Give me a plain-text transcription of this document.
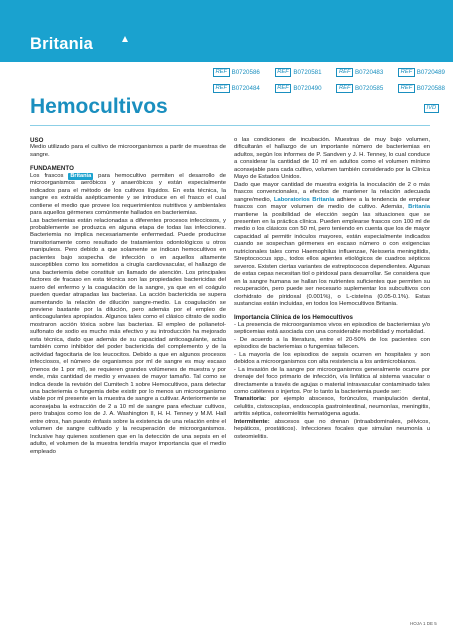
Britania
REF B0720586	REF B0720581	REF B0720483	REF B0720489
REF B0720484	REF B0720490	REF B0720585	REF B0720588
Hemocultivos	IVD

USO

Medio utilizado para el cultivo de microorganismos a partir de muestras de sangre.

FUNDAMENTO

Los frascos Britania para hemocultivo permiten el desarrollo de microorganismos aeróbicos y anaeróbicos y están especialmente indicados para el método de los cultivos líquidos. En esta técnica, la sangre es extraída asépticamente y se introduce en el frasco el cual contiene el medio que provee los requerimientos nutritivos y ambientales para aquellos gérmenes comúnmente hallados en bacteriemias.

Las bacteriemias están relacionadas a diferentes procesos infecciosos, y probablemente se produzca en alguna etapa de todas las infecciones. Bacteriemia no implica necesariamente enfermedad. Puede producirse transitoriamente como resultado de tratamientos odontológicos u otros manipuleos. Pero debido a que solamente se indican hemocultivos en pacientes bajo sospecha de infección o en aquellos altamente susceptibles como los sometidos a cirugía cardiovascular, el hallazgo de una bacteriemia debe constituir un llamado de atención. Los principales factores de fracaso en esta técnica son las propiedades bactericidas del suero del enfermo y la coagulación de la sangre, ya que en el coágulo pueden quedar atrapadas las bacterias. La acción bactericida se supera aumentando la relación de dilución sangre-medio. La coagulación se previene bastante por la dilución, pero además por el empleo de anticoagulantes apropiados. Algunos tales como el clásico citrato de sodio mostraron acción tóxica sobre las bacterias. El empleo de polianetol-sulfonato de sodio es mucho más efectivo y su introducción ha mejorado esta técnica, dado que además de su capacidad anticoagulante, actúa también como inhibidor del poder bactericida del complemento y de la actividad fagocitaria de los leucocitos. Debido a que en algunos procesos infecciosos, el número de organismos por ml de sangre es muy escaso (menos de 1 por ml), se requieren grandes volúmenes de muestra y por ende, más cantidad de medio y envases de mayor tamaño. Tal como se indica desde la revisión del Cumitech 1 sobre Hemocultivos, para detectar una bacteriemia o fungemia debe existir por lo menos un microorganismo viable por ml presente en la muestra de sangre a cultivar. Anteriormente se aconsejaba la extracción de 2 a 10 ml de sangre para efectuar cultivos, pero trabajos como los de J. A. Washington II, H. H. Tenney y M.M. Hall entre otros, han puesto énfasis sobre la existencia de una relación entre el volumen de sangre cultivado y la recuperación de microorganismos. Inclusive hay quienes sostienen que en la detección de una sepsis en el adulto, el volumen de la muestra tendría mayor importancia que el medio empleado

o las condiciones de incubación. Muestras de muy bajo volumen, dificultarán el hallazgo de un importante número de bacteriemias en adultos, según los informes de P. Sandven y J. H. Tenney, lo cual conduce a considerar la cantidad de 10 ml en adultos como el volumen mínimo aconsejable para cada cultivo, volumen también considerado por la Clínica Mayo de Estados Unidos.

Dado que mayor cantidad de muestra exigiría la inoculación de 2 o más frascos convencionales, a efectos de mantener la relación adecuada sangre/medio, Laboratorios Britania adhiere a la tendencia de emplear frascos con mayor volumen de medio de cultivo. Además, Britania mantiene la posibilidad de elección según las situaciones que se presenten en la práctica clínica. Pueden emplearse frascos con 100 ml de medio o los clásicos con 50 ml, pero teniendo en cuenta que los de mayor capacidad al permitir inóculos mayores, están especialmente indicados cuando se sospechan gérmenes en escaso número o con exigencias nutricionales tales como Haemophilus influenzae, Neisseria meningitidis, Streptococcus spp., todos ellos agentes etiológicos de cuadros sépticos severos. Existen ciertas variantes de estreptococos dependientes. Algunas de estas cepas necesitan tiol o piridoxal para desarrollar. Se considera que en la sangre humana se hallan los nutrientes suficientes que permiten su recuperación, pero puede ser necesario suplementar los subcultivos con clorhidrato de piridoxal (0.001%), o L-cisteína (0.05-0.1%). Estas sustancias están incluidas, en todos los Hemocultivos Britania.

Importancia Clínica de los Hemocultivos

- La presencia de microorganismos vivos en episodios de bacteriemias y/o septicemias está asociada con una considerable morbilidad y mortalidad.

- De acuerdo a la literatura, entre el 20-50% de los pacientes con episodios de bacteriemias o fungemias fallecen.

- La mayoría de los episodios de sepsis ocurren en hospitales y son debidos a microorganismos con alta resistencia a los antimicrobianos.

- La invasión de la sangre por microorganismos generalmente ocurre por drenaje del foco primario de infección, vía linfática al sistema vascular o directamente a través de agujas o material intravascular contaminado tales como catéteres o injertos. Por lo tanto la bacteriemia puede ser:

Transitoria: por ejemplo abscesos, forúnculos, manipulación dental, celulitis, cistoscopías, endoscopía gastrointestinal, neumonías, meningitis, artritis séptica, osteomielitis hematógena aguda.

Intermitente: abscesos que no drenan (intraabdominales, pélvicos, hepáticos, prostáticos). Infecciones focales que simulan neumonía u osteomielitis.

HOJA 1 DE 5
